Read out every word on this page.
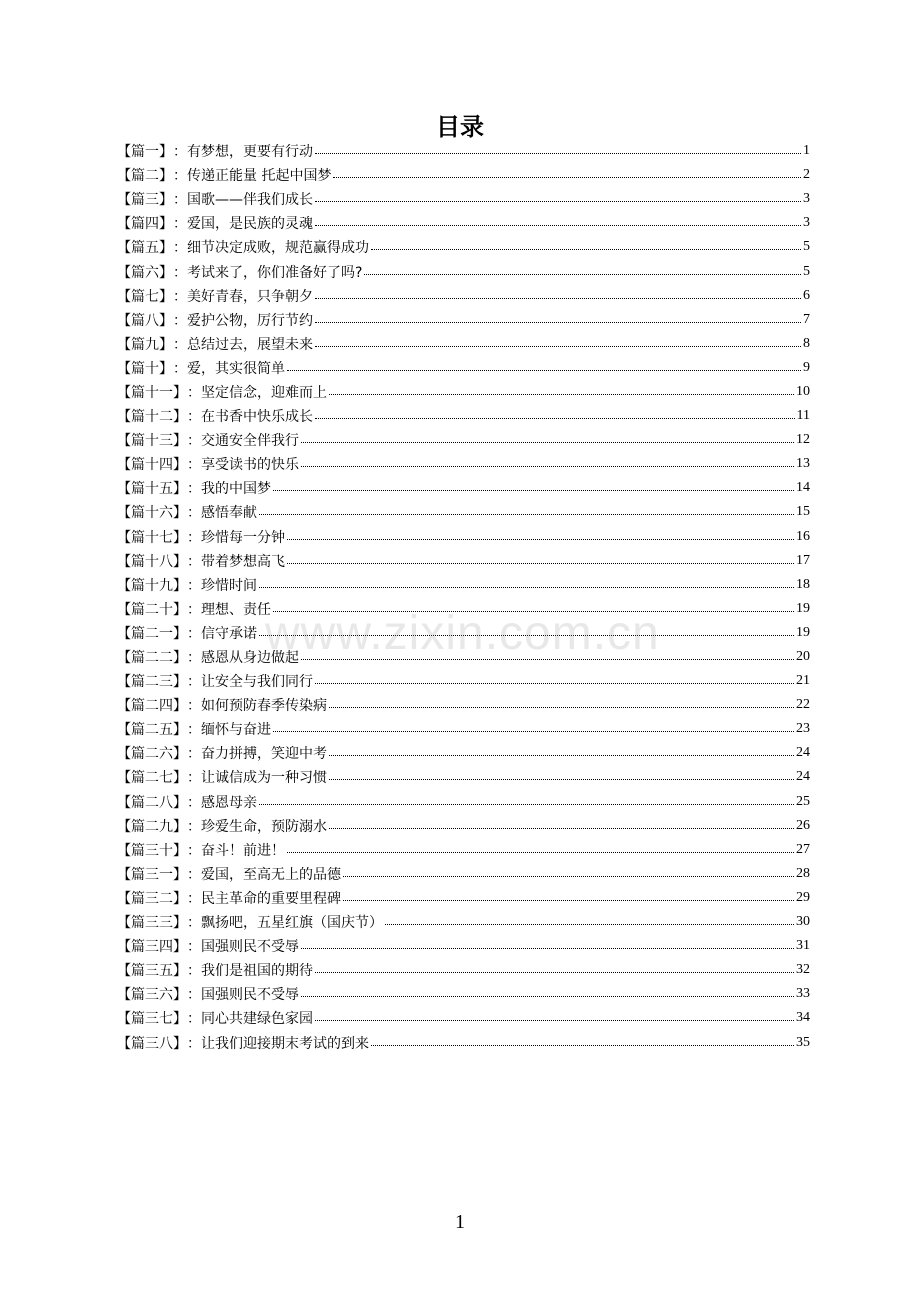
目录
【篇一】 ： 有梦想，更要有行动	1
【篇二】 ： 传递正能量 托起中国梦	2
【篇三】 ： 国歌——伴我们成长	3
【篇四】 ： 爱国，是民族的灵魂	3
【篇五】 ： 细节决定成败，规范赢得成功	5
【篇六】 ： 考试来了，你们准备好了吗?	5
【篇七】 ： 美好青春，只争朝夕	6
【篇八】 ： 爱护公物，厉行节约	7
【篇九】 ： 总结过去，展望未来	8
【篇十】 ： 爱，其实很简单	9
【篇十一】 ： 坚定信念，迎难而上	10
【篇十二】 ： 在书香中快乐成长	11
【篇十三】 ： 交通安全伴我行	12
【篇十四】 ： 享受读书的快乐	13
【篇十五】 ： 我的中国梦	14
【篇十六】 ： 感悟奉献	15
【篇十七】 ： 珍惜每一分钟	16
【篇十八】 ： 带着梦想高飞	17
【篇十九】 ： 珍惜时间	18
【篇二十】 ： 理想、责任	19
【篇二一】 ： 信守承诺	19
【篇二二】 ： 感恩从身边做起	20
【篇二三】 ： 让安全与我们同行	21
【篇二四】 ： 如何预防春季传染病	22
【篇二五】 ： 缅怀与奋进	23
【篇二六】 ： 奋力拼搏，笑迎中考	24
【篇二七】 ： 让诚信成为一种习惯	24
【篇二八】 ： 感恩母亲	25
【篇二九】 ： 珍爱生命，预防溺水	26
【篇三十】 ： 奋斗！前进！	27
【篇三一】 ： 爱国，至高无上的品德	28
【篇三二】 ： 民主革命的重要里程碑	29
【篇三三】 ： 飘扬吧，五星红旗（国庆节）	30
【篇三四】 ： 国强则民不受辱	31
【篇三五】 ： 我们是祖国的期待	32
【篇三六】 ： 国强则民不受辱	33
【篇三七】 ： 同心共建绿色家园	34
【篇三八】 ： 让我们迎接期末考试的到来	35
www.zixin.com.cn
1
